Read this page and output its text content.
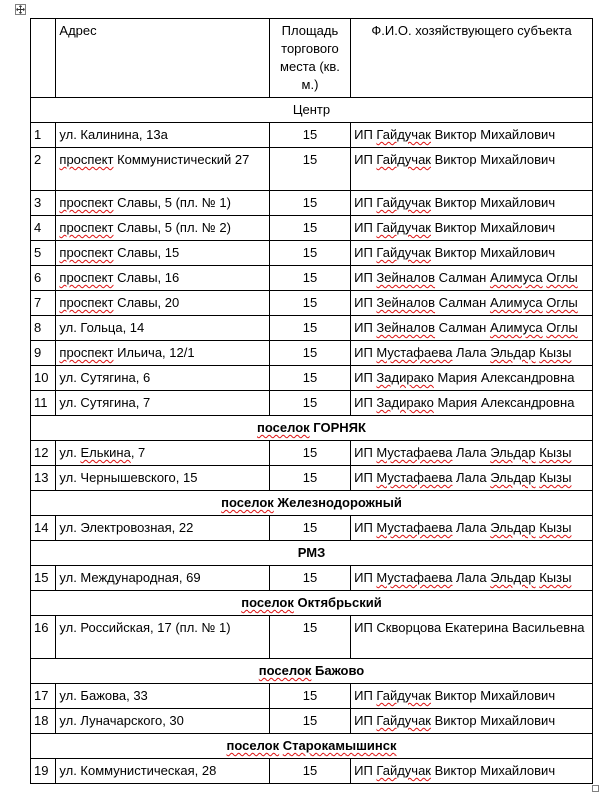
	Адрес	Площадь торгового места (кв. м.)	Ф.И.О. хозяйствующего субъекта
Центр			
1	ул. Калинина, 13а	15	ИП Гайдучак Виктор Михайлович
2	проспект Коммунистический 27	15	ИП Гайдучак Виктор Михайлович
3	проспект Славы, 5 (пл. № 1)	15	ИП Гайдучак Виктор Михайлович
4	проспект Славы, 5 (пл. № 2)	15	ИП Гайдучак Виктор Михайлович
5	проспект Славы, 15	15	ИП Гайдучак Виктор Михайлович
6	проспект Славы, 16	15	ИП Зейналов Салман Алимуса Оглы
7	проспект Славы, 20	15	ИП Зейналов Салман Алимуса Оглы
8	ул. Гольца, 14	15	ИП Зейналов Салман Алимуса Оглы
9	проспект Ильича, 12/1	15	ИП Мустафаева Лала Эльдар Кызы
10	ул. Сутягина, 6	15	ИП Задирако Мария Александровна
11	ул. Сутягина, 7	15	ИП Задирако Мария Александровна
поселок ГОРНЯК			
12	ул. Елькина, 7	15	ИП Мустафаева Лала Эльдар Кызы
13	ул. Чернышевского, 15	15	ИП Мустафаева Лала Эльдар Кызы
поселок Железнодорожный			
14	ул. Электровозная, 22	15	ИП Мустафаева Лала Эльдар Кызы
РМЗ			
15	ул. Международная, 69	15	ИП Мустафаева Лала Эльдар Кызы
поселок Октябрьский			
16	ул. Российская, 17 (пл. № 1)	15	ИП Скворцова Екатерина Васильевна
поселок Бажово			
17	ул. Бажова, 33	15	ИП Гайдучак Виктор Михайлович
18	ул. Луначарского, 30	15	ИП Гайдучак Виктор Михайлович
поселок Старокамышинск			
19	ул. Коммунистическая, 28	15	ИП Гайдучак Виктор Михайлович
